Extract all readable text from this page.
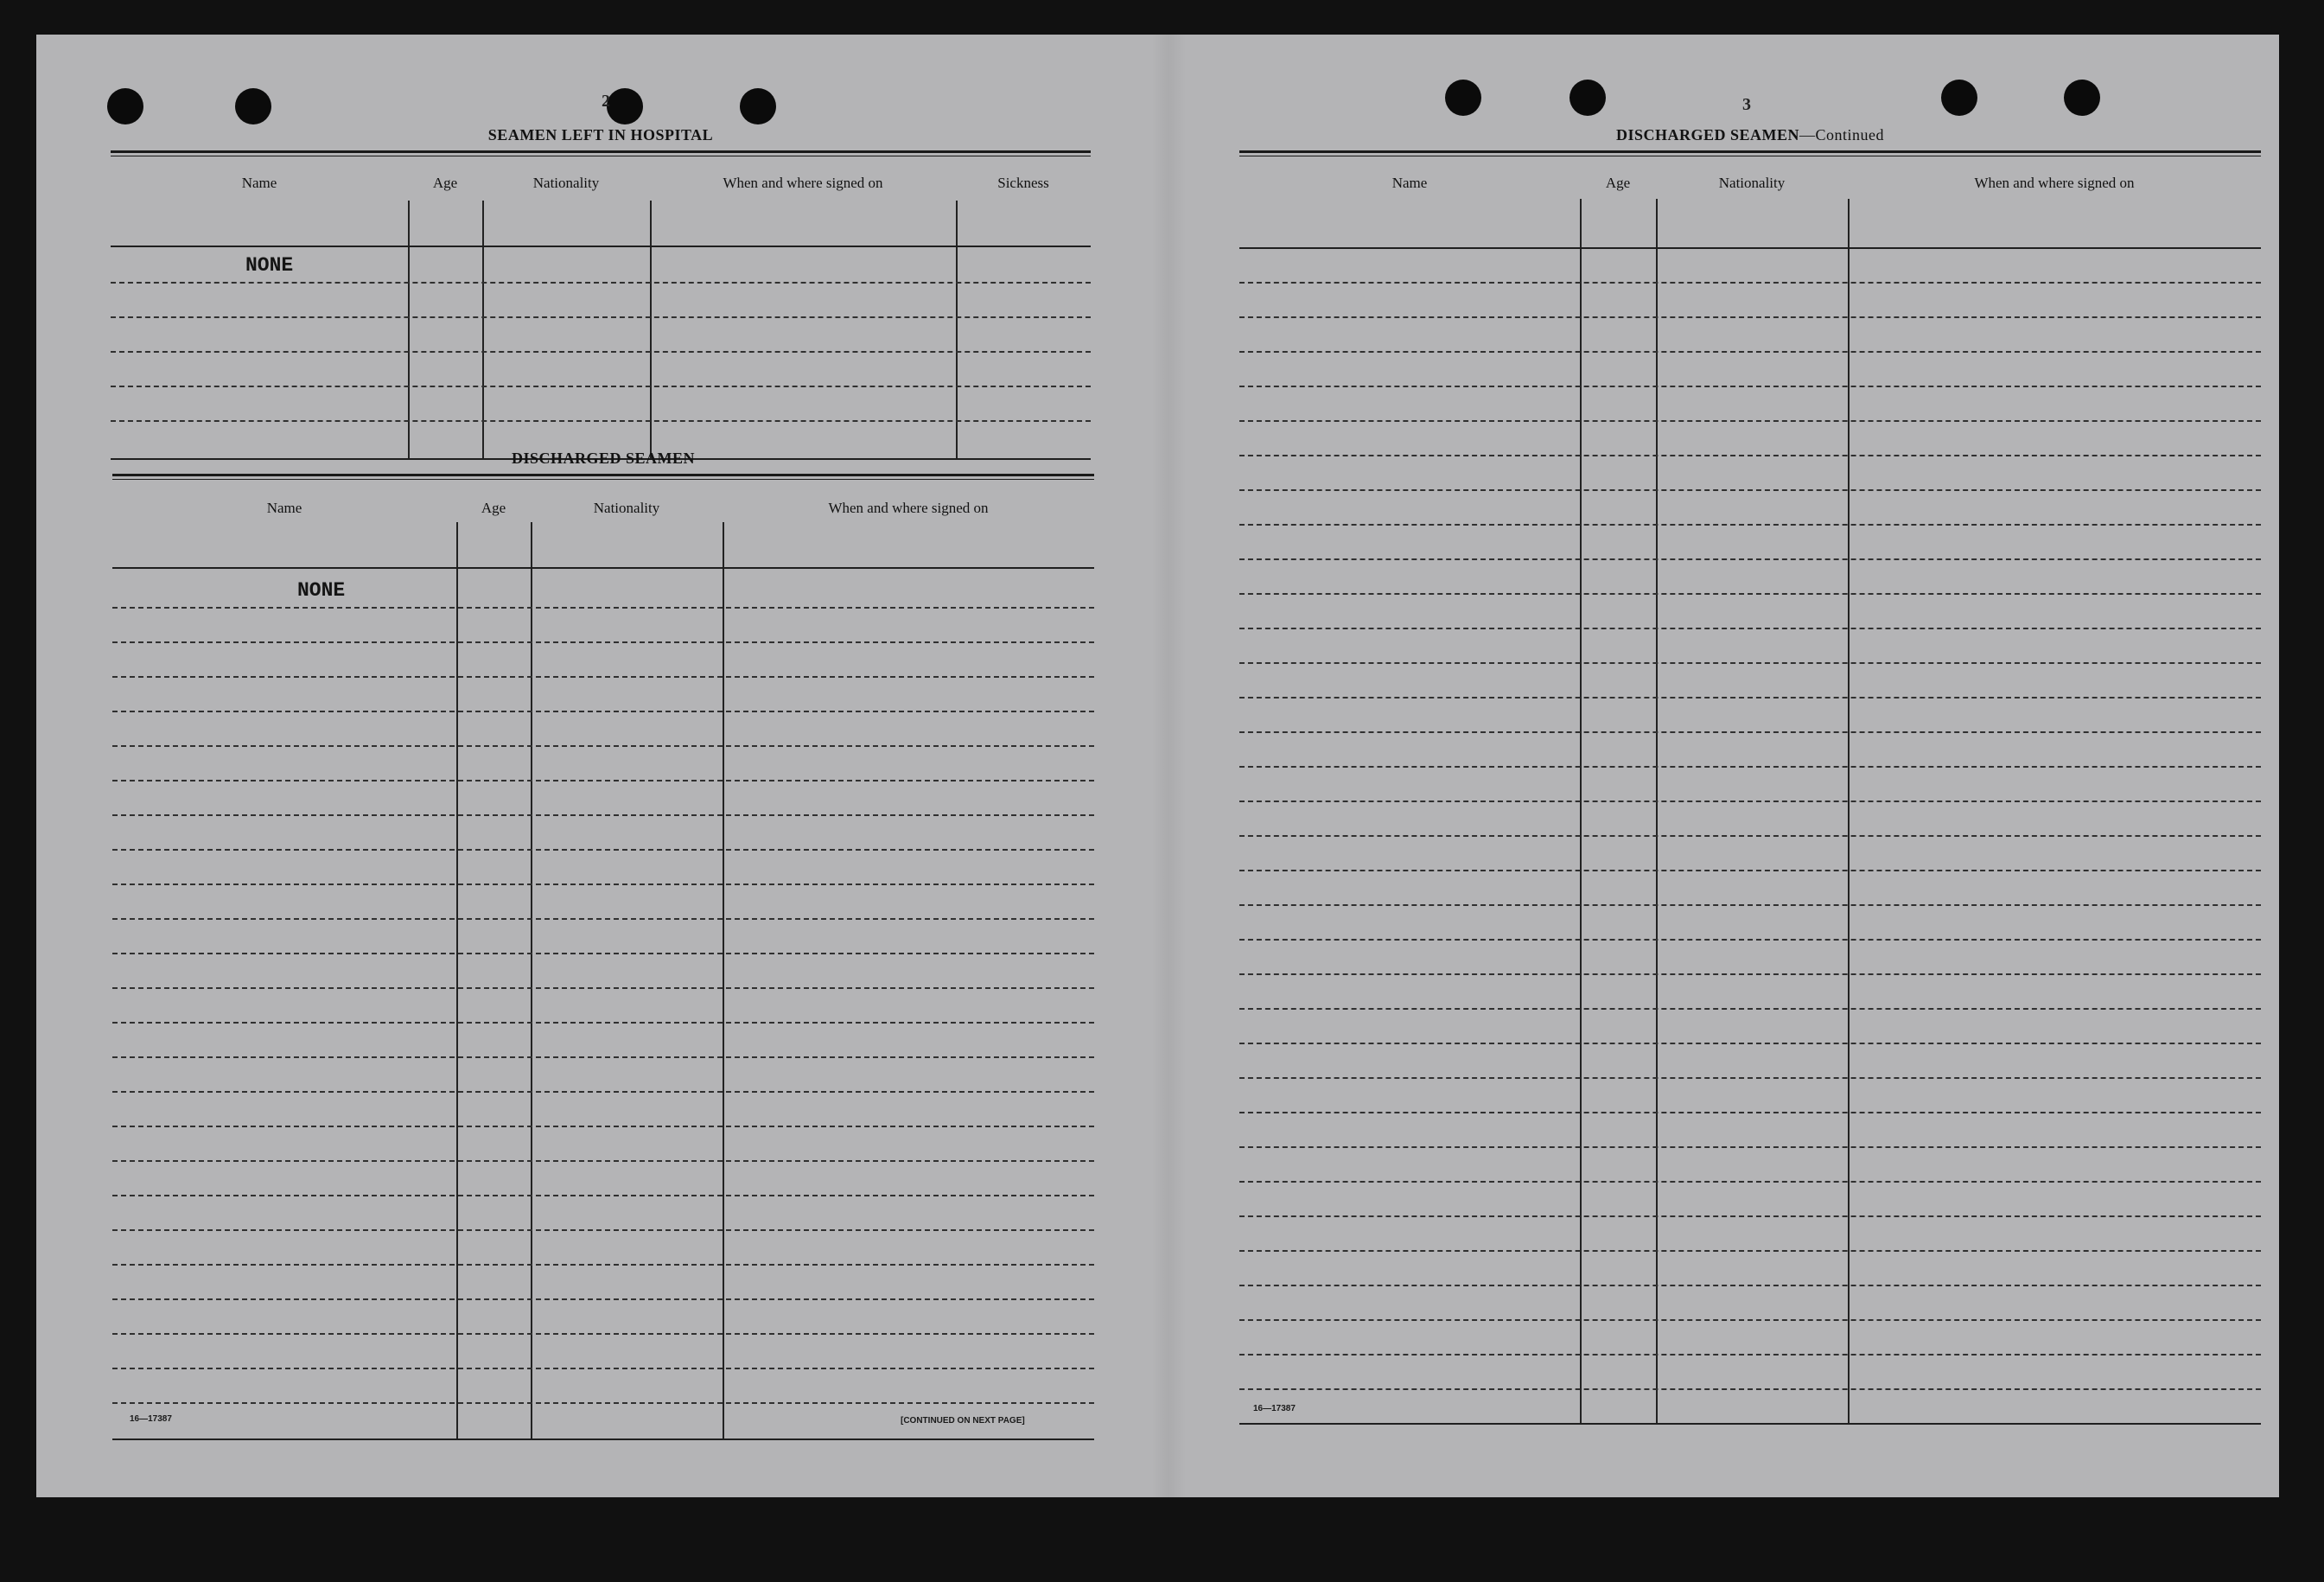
2	3
SEAMEN LEFT IN HOSPITAL
Name	Age	Nationality	When and where signed on	Sickness
NONE
DISCHARGED SEAMEN
Name	Age	Nationality	When and where signed on
NONE
16—17387	[CONTINUED ON NEXT PAGE]
DISCHARGED SEAMEN—Continued
Name	Age	Nationality	When and where signed on
16—17387
